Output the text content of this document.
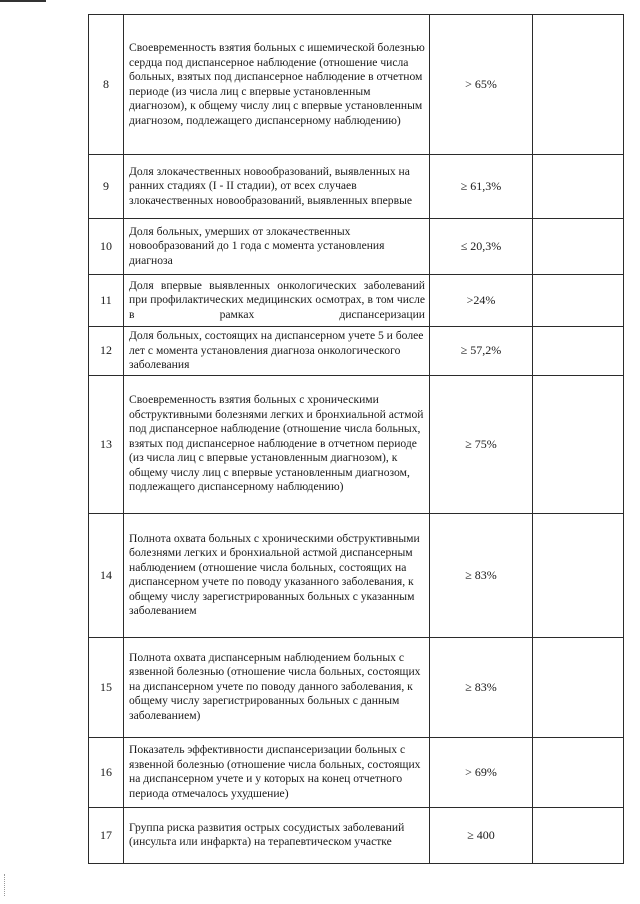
8	Своевременность взятия больных с ишемической болезнью сердца под диспансерное наблюдение (отношение числа больных, взятых под диспансерное наблюдение в отчетном периоде (из числа лиц с впервые установленным диагнозом), к общему числу лиц с впервые установленным диагнозом, подлежащего диспансерному наблюдению)	> 65%	
9	Доля злокачественных новообразований, выявленных на ранних стадиях (I - II стадии), от всех случаев злокачественных новообразований, выявленных впервые	≥ 61,3%	
10	Доля больных, умерших от злокачественных новообразований до 1 года с момента установления диагноза	≤ 20,3%	
11	Доля впервые выявленных онкологических заболеваний при профилактических медицинских осмотрах, в том числе в рамках диспансеризации	>24%	
12	Доля больных, состоящих на диспансерном учете 5 и более лет с момента установления диагноза онкологического заболевания	≥ 57,2%	
13	Своевременность взятия больных с хроническими обструктивными болезнями легких и бронхиальной астмой под диспансерное наблюдение (отношение числа больных, взятых под диспансерное наблюдение в отчетном периоде (из числа лиц с впервые установленным диагнозом), к общему числу лиц с впервые установленным диагнозом, подлежащего диспансерному наблюдению)	≥ 75%	
14	Полнота охвата больных с хроническими обструктивными болезнями легких и бронхиальной астмой диспансерным наблюдением (отношение числа больных, состоящих на диспансерном учете по поводу указанного заболевания, к общему числу зарегистрированных больных с указанным заболеванием	≥ 83%	
15	Полнота охвата диспансерным наблюдением больных с язвенной болезнью (отношение числа больных, состоящих на диспансерном учете по поводу данного заболевания, к общему числу зарегистрированных больных с данным заболеванием)	≥ 83%	
16	Показатель эффективности диспансеризации больных с язвенной болезнью (отношение числа больных, состоящих на диспансерном учете и у которых на конец отчетного периода отмечалось ухудшение)	> 69%	
17	Группа риска развития острых сосудистых заболеваний (инсульта или инфаркта) на терапевтическом участке	≥ 400	
